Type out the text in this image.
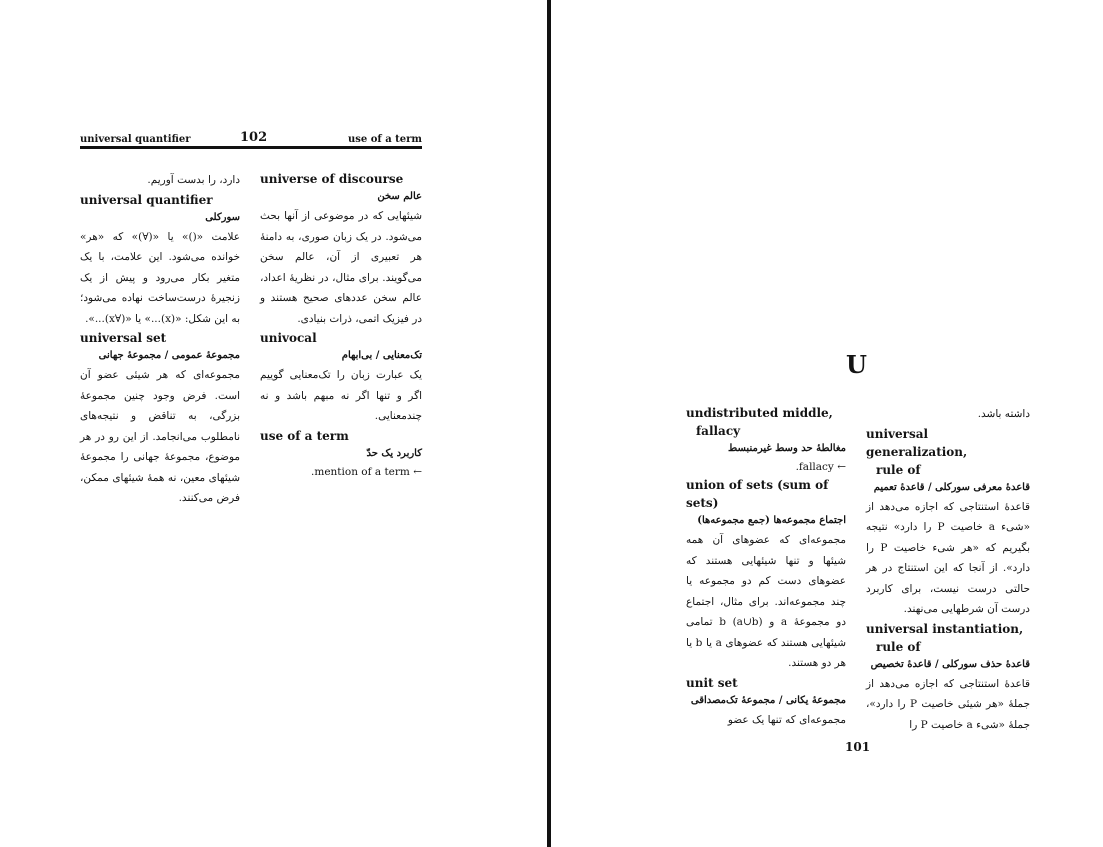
universal quantifier	102	use of a term
universe of discourse
عالم سخن
شیئهایی که در موضوعی از آنها بحث می‌شود. در یک زبان صوری، به دامنهٔ هر تعبیری از آن، عالم سخن می‌گویند. برای مثال، در نظریهٔ اعداد، عالم سخن عددهای صحیح هستند و در فیزیک اتمی، ذرات بنیادی.
univocal
تک‌معنایی / بی‌ابهام
یک عبارت زبان را تک‌معنایی گوییم اگر و تنها اگر نه مبهم باشد و نه چندمعنایی.
use of a term
کاربرد یک حدّ
← mention of a term.
دارد، را بدست آوریم.
universal quantifier
سورکلی
علامت «()» یا «(∀)» که «هر» خوانده می‌شود. این علامت، با یک متغیر بکار می‌رود و پیش از یک زنجیرهٔ درست‌ساخت نهاده می‌شود؛ به این شکل: «(x)...» یا «(∀x)...».
universal set
مجموعهٔ عمومی / مجموعهٔ جهانی
مجموعه‌ای که هر شیئی عضو آن است. فرض وجود چنین مجموعهٔ بزرگی، به تناقض و نتیجه‌های نامطلوب می‌انجامد. از این رو در هر موضوع، مجموعهٔ جهانی را مجموعهٔ شیئهای معین، نه همهٔ شیئهای ممکن، فرض می‌کنند.
U
undistributed middle,
fallacy
مغالطهٔ حد وسط غیرمنبسط
← fallacy.
union of sets (sum of sets)
اجتماع مجموعه‌ها (جمع مجموعه‌ها)
مجموعه‌ای که عضوهای آن همه شیئها و تنها شیئهایی هستند که عضوهای دست کم دو مجموعه یا چند مجموعه‌اند. برای مثال، اجتماع دو مجموعهٔ a و b (a∪b) تمامی شیئهایی هستند که عضوهای a یا b یا هر دو هستند.
unit set
مجموعهٔ یکانی / مجموعهٔ تک‌مصداقی
مجموعه‌ای که تنها یک عضو
داشته باشد.
universal generalization,
rule of
قاعدهٔ معرفی سورکلی / قاعدهٔ تعمیم
قاعدهٔ استنتاجی که اجازه می‌دهد از «شیء a خاصیت P را دارد» نتیجه بگیریم که «هر شیء خاصیت P را دارد». از آنجا که این استنتاج در هر حالتی درست نیست، برای کاربرد درست آن شرطهایی می‌نهند.
universal instantiation,
rule of
قاعدهٔ حذف سورکلی / قاعدهٔ تخصیص
قاعدهٔ استنتاجی که اجازه می‌دهد از جملهٔ «هر شیئی خاصیت P را دارد»، جملهٔ «شیء a خاصیت P را
101
